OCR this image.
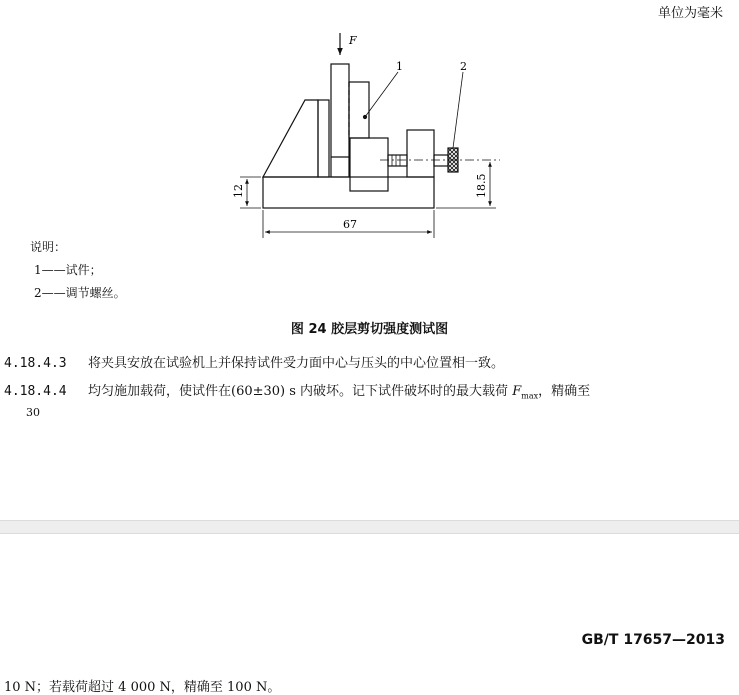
单位为毫米
F
1	2
67
12	18.5
说明：
1——试件；
2——调节螺丝。
图 24 胶层剪切强度测试图
4.18.4.3 将夹具安放在试验机上并保持试件受力面中心与压头的中心位置相一致。
4.18.4.4 均匀施加载荷，使试件在(60±30) s 内破坏。记下试件破坏时的最大载荷 $F_{max}$，精确至
30
GB/T 17657—2013
10 N；若载荷超过 4 000 N，精确至 100 N。
